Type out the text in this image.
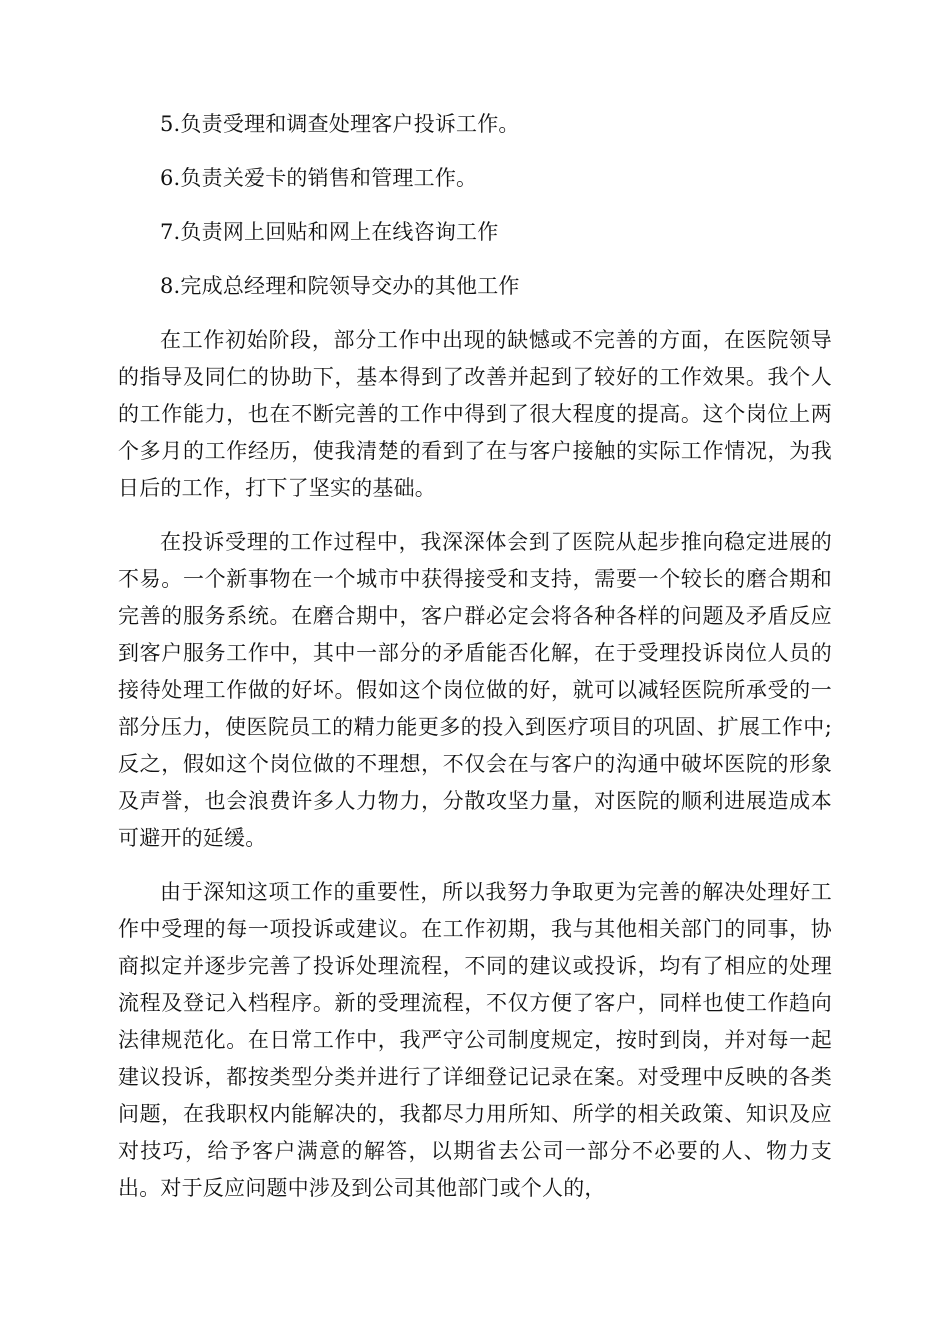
5.负责受理和调查处理客户投诉工作。

6.负责关爱卡的销售和管理工作。

7.负责网上回贴和网上在线咨询工作

8.完成总经理和院领导交办的其他工作

在工作初始阶段，部分工作中出现的缺憾或不完善的方面，在医院领导的指导及同仁的协助下，基本得到了改善并起到了较好的工作效果。我个人的工作能力，也在不断完善的工作中得到了很大程度的提高。这个岗位上两个多月的工作经历，使我清楚的看到了在与客户接触的实际工作情况，为我日后的工作，打下了坚实的基础。

在投诉受理的工作过程中，我深深体会到了医院从起步推向稳定进展的不易。一个新事物在一个城市中获得接受和支持，需要一个较长的磨合期和完善的服务系统。在磨合期中，客户群必定会将各种各样的问题及矛盾反应到客户服务工作中，其中一部分的矛盾能否化解，在于受理投诉岗位人员的接待处理工作做的好坏。假如这个岗位做的好，就可以减轻医院所承受的一部分压力，使医院员工的精力能更多的投入到医疗项目的巩固、扩展工作中;反之，假如这个岗位做的不理想，不仅会在与客户的沟通中破坏医院的形象及声誉，也会浪费许多人力物力，分散攻坚力量，对医院的顺利进展造成本可避开的延缓。

由于深知这项工作的重要性，所以我努力争取更为完善的解决处理好工作中受理的每一项投诉或建议。在工作初期，我与其他相关部门的同事，协商拟定并逐步完善了投诉处理流程，不同的建议或投诉，均有了相应的处理流程及登记入档程序。新的受理流程，不仅方便了客户，同样也使工作趋向法律规范化。在日常工作中，我严守公司制度规定，按时到岗，并对每一起建议投诉，都按类型分类并进行了详细登记记录在案。对受理中反映的各类问题，在我职权内能解决的，我都尽力用所知、所学的相关政策、知识及应对技巧，给予客户满意的解答，以期省去公司一部分不必要的人、物力支出。对于反应问题中涉及到公司其他部门或个人的，
